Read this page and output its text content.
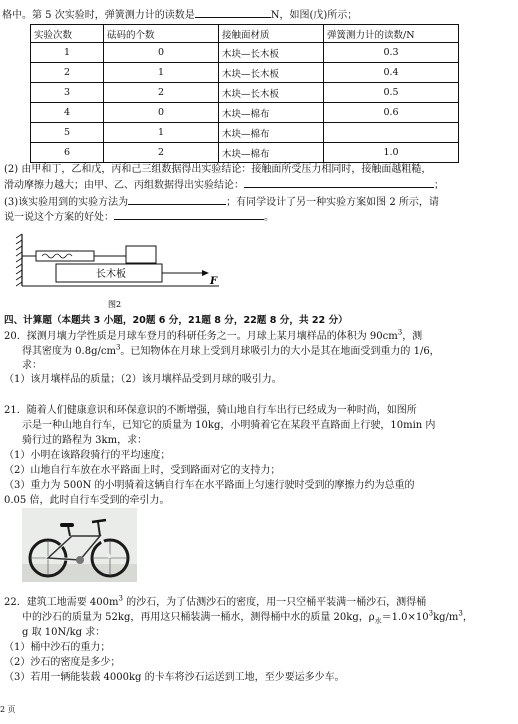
格中。第 5 次实验时，弹簧测力计的读数是	N，如图(戊)所示；
实验次数	砝码的个数	接触面材质	弹簧测力计的读数/N
1	0	木块—长木板	0.3
2	1	木块—长木板	0.4
3	2	木块—长木板	0.5
4	0	木块—棉布	0.6
5	1	木块—棉布	
6	2	木块—棉布	1.0
(2) 由甲和丁，乙和戊，丙和己三组数据得出实验结论：接触面所受压力相同时，接触面越粗糙，
滑动摩擦力越大；由甲、乙、丙组数据得出实验结论：	；
(3)该实验用到的实验方法为	；有同学设计了另一种实验方案如图 2 所示，请
说一说这个方案的好处：	。
长木板
F
图2
四、计算题（本题共 3 小题，20题 6 分，21题 8 分，22题 8 分，共 22 分）
20．探测月壤力学性质是月球车登月的科研任务之一。月球上某月壤样品的体积为 $90cm^3$，测
得其密度为 $0.8g/cm^3$。已知物体在月球上受到月球吸引力的大小是其在地面受到重力的 1/6，
求：
（1）该月壤样品的质量；（2）该月壤样品受到月球的吸引力。
21．随着人们健康意识和环保意识的不断增强，骑山地自行车出行已经成为一种时尚，如图所
示是一种山地自行车，已知它的质量为 10kg，小明骑着它在某段平直路面上行驶，10min 内
骑行过的路程为 3km，求：
（1）小明在该路段骑行的平均速度；
（2）山地自行车放在水平路面上时，受到路面对它的支持力；
（3）重力为 500N 的小明骑着这辆自行车在水平路面上匀速行驶时受到的摩擦力约为总重的
0.05 倍，此时自行车受到的牵引力。
22．建筑工地需要 $400m^3$ 的沙石，为了估测沙石的密度，用一只空桶平装满一桶沙石，测得桶
中的沙石的质量为 52kg，再用这只桶装满一桶水，测得桶中水的质量 20kg，$\rho_水=1.0\times 10^3kg/m^3$，
g 取 10N/kg 求：
（1）桶中沙石的重力；
（2）沙石的密度是多少；
（3）若用一辆能装载 4000kg 的卡车将沙石运送到工地，至少要运多少车。
2 页
